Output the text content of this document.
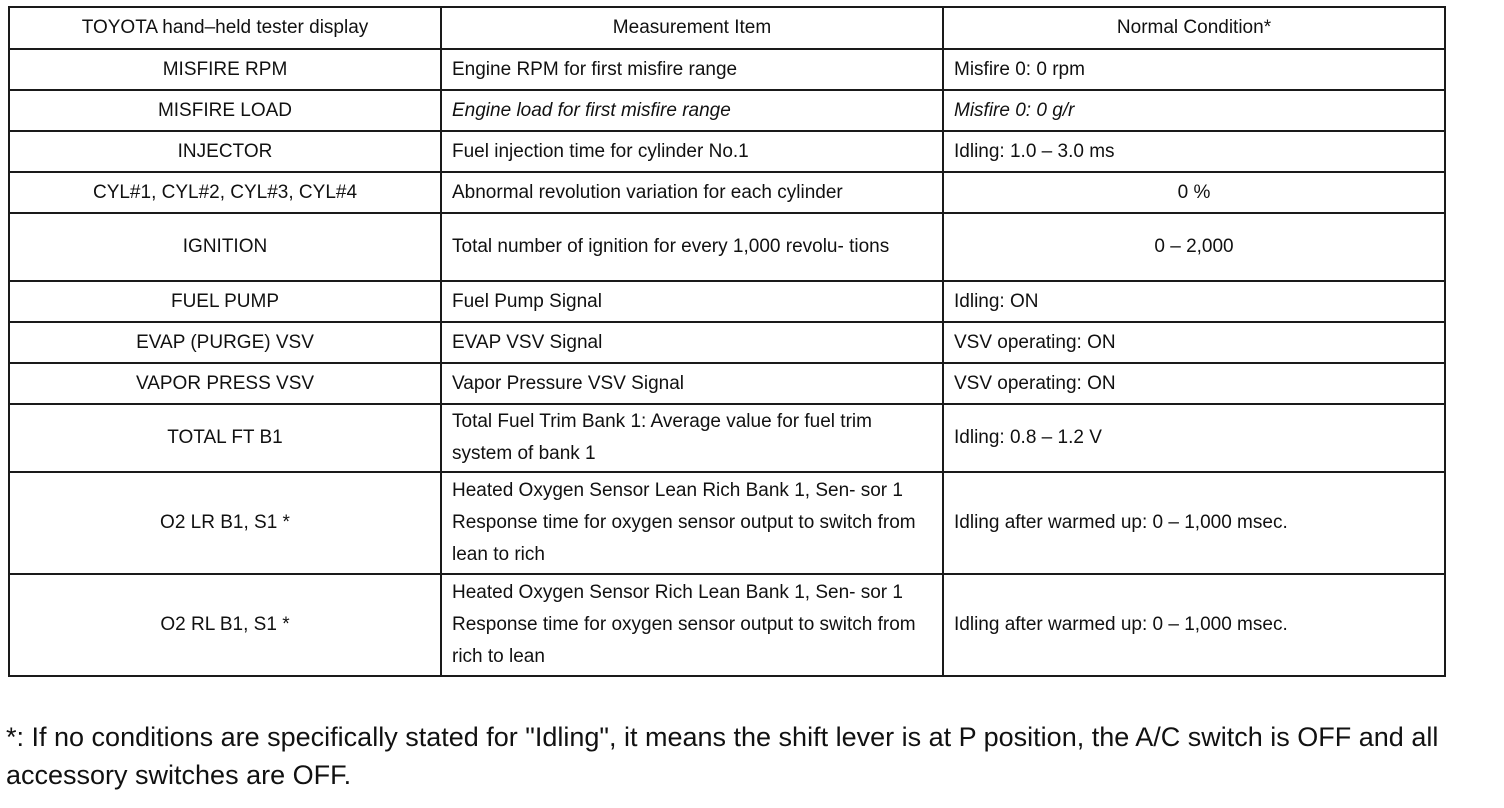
TOYOTA hand–held tester display	Measurement Item	Normal Condition*
MISFIRE RPM	Engine RPM for first misfire range	Misfire 0: 0 rpm
MISFIRE LOAD	Engine load for first misfire range	Misfire 0: 0 g/r
INJECTOR	Fuel injection time for cylinder No.1	Idling: 1.0 – 3.0 ms
CYL#1, CYL#2, CYL#3, CYL#4	Abnormal revolution variation for each cylinder	0 %
IGNITION	Total number of ignition for every 1,000 revolu- tions	0 – 2,000
FUEL PUMP	Fuel Pump Signal	Idling: ON
EVAP (PURGE) VSV	EVAP VSV Signal	VSV operating: ON
VAPOR PRESS VSV	Vapor Pressure VSV Signal	VSV operating: ON
TOTAL FT B1	Total Fuel Trim Bank 1: Average value for fuel trim system of bank 1	Idling: 0.8 – 1.2 V
O2 LR B1, S1 *	Heated Oxygen Sensor Lean Rich Bank 1, Sen- sor 1 Response time for oxygen sensor output to switch from lean to rich	Idling after warmed up: 0 – 1,000 msec.
O2 RL B1, S1 *	Heated Oxygen Sensor Rich Lean Bank 1, Sen- sor 1 Response time for oxygen sensor output to switch from rich to lean	Idling after warmed up: 0 – 1,000 msec.

*: If no conditions are specifically stated for "Idling", it means the shift lever is at P position, the A/C switch is OFF and all accessory switches are OFF.
